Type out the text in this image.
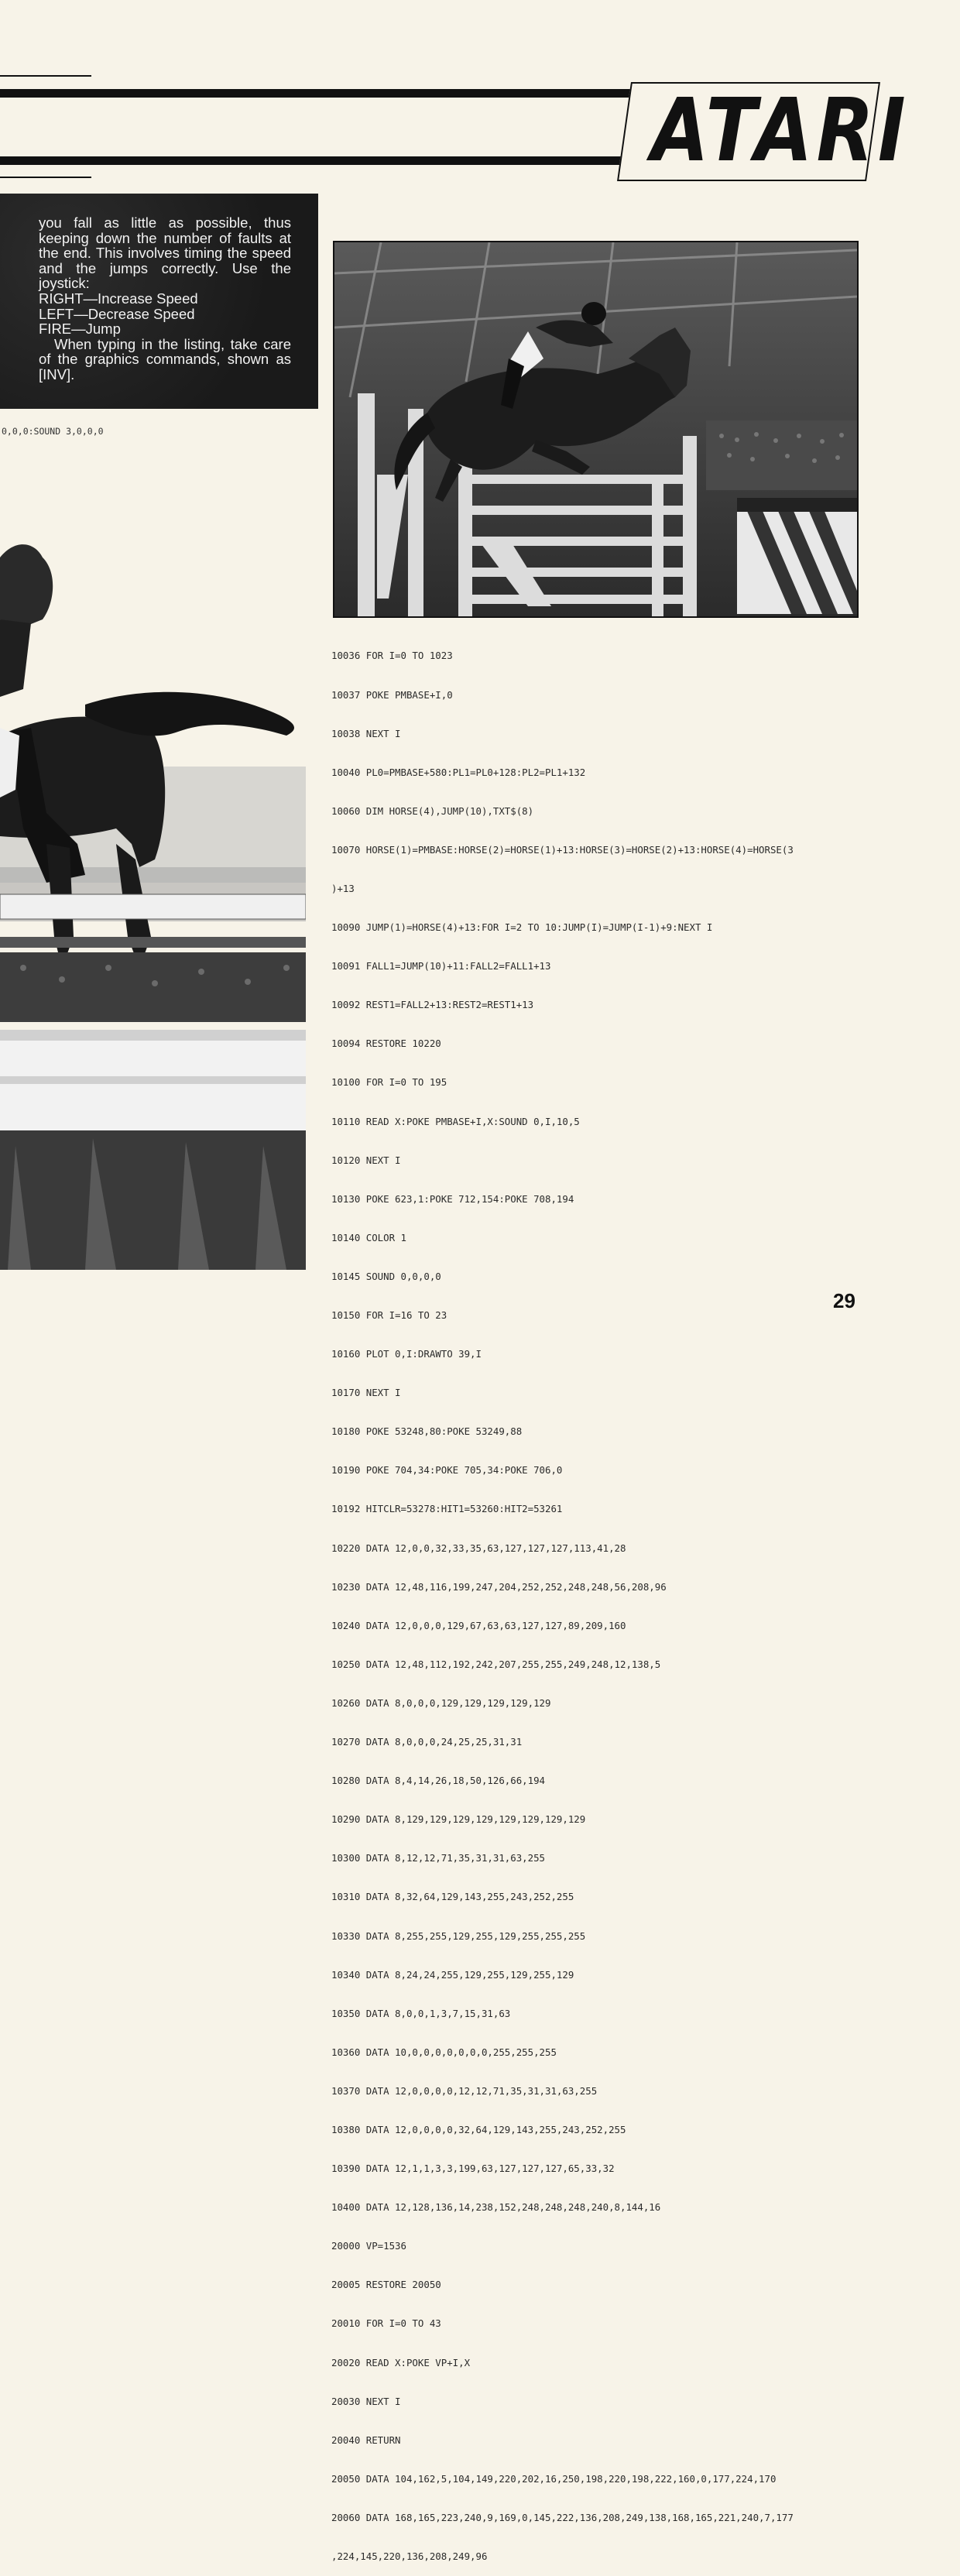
ATARI

you fall as little as possible, thus keeping down the number of faults at the end. This involves timing the speed and the jumps correctly. Use the joystick:

RIGHT—Increase Speed

LEFT—Decrease Speed

FIRE—Jump

When typing in the listing, take care of the graphics commands, shown as [INV].

0,0,0:SOUND 3,0,0,0

10036 FOR I=0 TO 1023

10037 POKE PMBASE+I,0

10038 NEXT I

10040 PL0=PMBASE+580:PL1=PL0+128:PL2=PL1+132

10060 DIM HORSE(4),JUMP(10),TXT$(8)

10070 HORSE(1)=PMBASE:HORSE(2)=HORSE(1)+13:HORSE(3)=HORSE(2)+13:HORSE(4)=HORSE(3

)+13

10090 JUMP(1)=HORSE(4)+13:FOR I=2 TO 10:JUMP(I)=JUMP(I-1)+9:NEXT I

10091 FALL1=JUMP(10)+11:FALL2=FALL1+13

10092 REST1=FALL2+13:REST2=REST1+13

10094 RESTORE 10220

10100 FOR I=0 TO 195

10110 READ X:POKE PMBASE+I,X:SOUND 0,I,10,5

10120 NEXT I

10130 POKE 623,1:POKE 712,154:POKE 708,194

10140 COLOR 1

10145 SOUND 0,0,0,0

10150 FOR I=16 TO 23

10160 PLOT 0,I:DRAWTO 39,I

10170 NEXT I

10180 POKE 53248,80:POKE 53249,88

10190 POKE 704,34:POKE 705,34:POKE 706,0

10192 HITCLR=53278:HIT1=53260:HIT2=53261

10220 DATA 12,0,0,32,33,35,63,127,127,127,113,41,28

10230 DATA 12,48,116,199,247,204,252,252,248,248,56,208,96

10240 DATA 12,0,0,0,129,67,63,63,127,127,89,209,160

10250 DATA 12,48,112,192,242,207,255,255,249,248,12,138,5

10260 DATA 8,0,0,0,129,129,129,129,129

10270 DATA 8,0,0,0,24,25,25,31,31

10280 DATA 8,4,14,26,18,50,126,66,194

10290 DATA 8,129,129,129,129,129,129,129,129

10300 DATA 8,12,12,71,35,31,31,63,255

10310 DATA 8,32,64,129,143,255,243,252,255

10330 DATA 8,255,255,129,255,129,255,255,255

10340 DATA 8,24,24,255,129,255,129,255,129

10350 DATA 8,0,0,1,3,7,15,31,63

10360 DATA 10,0,0,0,0,0,0,0,255,255,255

10370 DATA 12,0,0,0,0,12,12,71,35,31,31,63,255

10380 DATA 12,0,0,0,0,32,64,129,143,255,243,252,255

10390 DATA 12,1,1,3,3,199,63,127,127,127,65,33,32

10400 DATA 12,128,136,14,238,152,248,248,248,240,8,144,16

20000 VP=1536

20005 RESTORE 20050

20010 FOR I=0 TO 43

20020 READ X:POKE VP+I,X

20030 NEXT I

20040 RETURN

20050 DATA 104,162,5,104,149,220,202,16,250,198,220,198,222,160,0,177,224,170

20060 DATA 168,165,223,240,9,169,0,145,222,136,208,249,138,168,165,221,240,7,177

,224,145,220,136,208,249,96

29
